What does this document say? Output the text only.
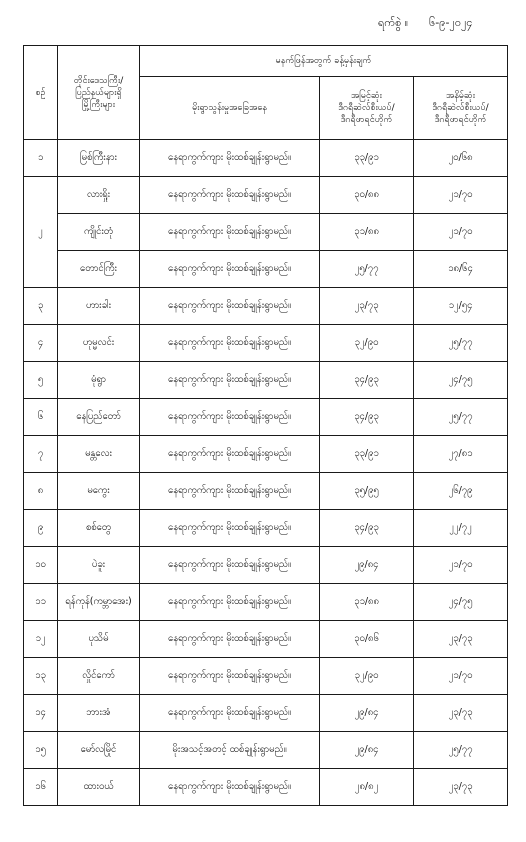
ရက်စွဲ ။ ၆-၉-၂၀၂၄
စဉ်	တိုင်းဒေသကြီး/
ပြည်နယ်များရှိ
မြို့ကြီးများ	မနက်ဖြန်အတွက် ခန့်မှန်းချက်		
		မိုးရွာသွန်းမှုအခြေအနေ	အမြင့်ဆုံး
ဒီဂရီဆဲလ်စီးယပ်/
ဒီဂရီဖာရင်ဟိုက်	အနိမ့်ဆုံး
ဒီဂရီဆဲလ်စီးယပ်/
ဒီဂရီဖာရင်ဟိုက်

၁	မြစ်ကြီးနား	နေရာကွက်ကျား မိုးထစ်ချုန်းရွာမည်။	၃၃/၉၁	၂၀/၆၈
၂	လားရှိုး	နေရာကွက်ကျား မိုးထစ်ချုန်းရွာမည်။	၃၀/၈၈	၂၁/၇၀
	ကျိုင်းတုံ	နေရာကွက်ကျား မိုးထစ်ချုန်းရွာမည်။	၃၁/၈၈	၂၁/၇၀
	တောင်ကြီး	နေရာကွက်ကျား မိုးထစ်ချုန်းရွာမည်။	၂၅/၇၇	၁၈/၆၄
၃	ဟားခါး	နေရာကွက်ကျား မိုးထစ်ချုန်းရွာမည်။	၂၃/၇၃	၁၂/၅၄
၄	ဟုမ္မလင်း	နေရာကွက်ကျား မိုးထစ်ချုန်းရွာမည်။	၃၂/၉၀	၂၅/၇၇
၅	မုံရွာ	နေရာကွက်ကျား မိုးထစ်ချုန်းရွာမည်။	၃၄/၉၃	၂၄/၇၅
၆	နေပြည်တော်	နေရာကွက်ကျား မိုးထစ်ချုန်းရွာမည်။	၃၄/၉၃	၂၅/၇၇
၇	မန္တလေး	နေရာကွက်ကျား မိုးထစ်ချုန်းရွာမည်။	၃၃/၉၁	၂၇/၈၁
၈	မကွေး	နေရာကွက်ကျား မိုးထစ်ချုန်းရွာမည်။	၃၅/၉၅	၂၆/၇၉
၉	စစ်တွေ	နေရာကွက်ကျား မိုးထစ်ချုန်းရွာမည်။	၃၄/၉၃	၂၂/၇၂
၁၀	ပဲခူး	နေရာကွက်ကျား မိုးထစ်ချုန်းရွာမည်။	၂၉/၈၄	၂၁/၇၀
၁၁	ရန်ကုန်(ကမ္ဘာအေး)	နေရာကွက်ကျား မိုးထစ်ချုန်းရွာမည်။	၃၁/၈၈	၂၄/၇၅
၁၂	ပုသိမ်	နေရာကွက်ကျား မိုးထစ်ချုန်းရွာမည်။	၃၀/၈၆	၂၃/၇၃
၁၃	လှိုင်ကော်	နေရာကွက်ကျား မိုးထစ်ချုန်းရွာမည်။	၃၂/၉၀	၂၁/၇၀
၁၄	ဘားအံ	နေရာကွက်ကျား မိုးထစ်ချုန်းရွာမည်။	၂၉/၈၄	၂၃/၇၃
၁၅	မော်လမြိုင်	မိုးအသင့်အတင့် ထစ်ချုန်းရွာမည်။	၂၉/၈၄	၂၅/၇၇
၁၆	ထားဝယ်	နေရာကွက်ကျား မိုးထစ်ချုန်းရွာမည်။	၂၈/၈၂	၂၃/၇၃
